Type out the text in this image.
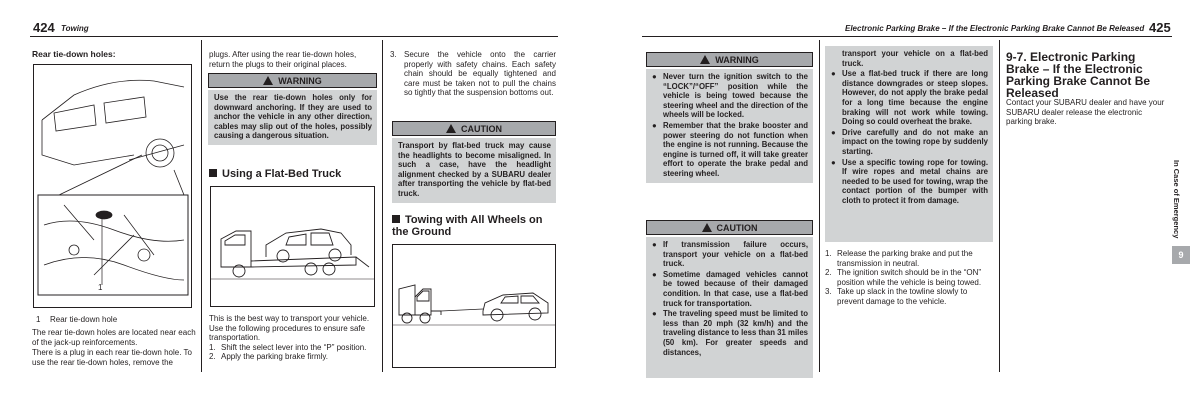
424 Towing
Rear tie-down holes:
1
1 Rear tie-down hole
The rear tie-down holes are located near each of the jack-up reinforcements.
There is a plug in each rear tie-down hole. To use the rear tie-down holes, remove the
plugs. After using the rear tie-down holes, return the plugs to their original places.
WARNING
Use the rear tie-down holes only for downward anchoring. If they are used to anchor the vehicle in any other direction, cables may slip out of the holes, possibly causing a dangerous situation.
Using a Flat-Bed Truck
This is the best way to transport your vehicle. Use the following procedures to ensure safe transportation.
1. Shift the select lever into the “P” position.
2. Apply the parking brake firmly.
3. Secure the vehicle onto the carrier properly with safety chains. Each safety chain should be equally tightened and care must be taken not to pull the chains so tightly that the suspension bottoms out.
CAUTION
Transport by flat-bed truck may cause the headlights to become misaligned. In such a case, have the headlight alignment checked by a SUBARU dealer after transporting the vehicle by flat-bed truck.
Towing with All Wheels on the Ground
Electronic Parking Brake – If the Electronic Parking Brake Cannot Be Released 425
WARNING
● Never turn the ignition switch to the “LOCK”/“OFF” position while the vehicle is being towed because the steering wheel and the direction of the wheels will be locked.
● Remember that the brake booster and power steering do not function when the engine is not running. Because the engine is turned off, it will take greater effort to operate the brake pedal and steering wheel.
CAUTION
● If transmission failure occurs, transport your vehicle on a flat-bed truck.
● Sometime damaged vehicles cannot be towed because of their damaged condition. In that case, use a flat-bed truck for transportation.
● The traveling speed must be limited to less than 20 mph (32 km/h) and the traveling distance to less than 31 miles (50 km). For greater speeds and distances,
transport your vehicle on a flat-bed truck.
● Use a flat-bed truck if there are long distance downgrades or steep slopes. However, do not apply the brake pedal for a long time because the engine braking will not work while towing. Doing so could overheat the brake.
● Drive carefully and do not make an impact on the towing rope by suddenly starting.
● Use a specific towing rope for towing. If wire ropes and metal chains are needed to be used for towing, wrap the contact portion of the bumper with cloth to protect it from damage.
1. Release the parking brake and put the transmission in neutral.
2. The ignition switch should be in the “ON” position while the vehicle is being towed.
3. Take up slack in the towline slowly to prevent damage to the vehicle.
9-7. Electronic Parking Brake – If the Electronic Parking Brake Cannot Be Released
Contact your SUBARU dealer and have your SUBARU dealer release the electronic parking brake.
In Case of Emergency
9
